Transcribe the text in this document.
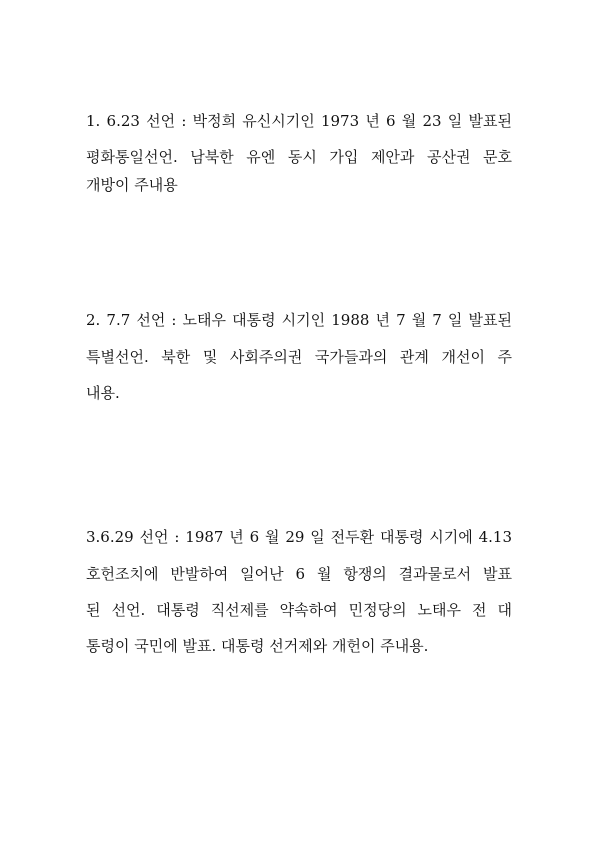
1. 6.23 선언 : 박정희 유신시기인 1973 년 6 월 23 일 발표된
평화통일선언. 남북한 유엔 동시 가입 제안과 공산권 문호
개방이 주내용
2. 7.7 선언 : 노태우 대통령 시기인 1988 년 7 월 7 일 발표된
특별선언. 북한 및 사회주의권 국가들과의 관계 개선이 주
내용.
3.6.29 선언 : 1987 년 6 월 29 일 전두환 대통령 시기에 4.13
호헌조치에 반발하여 일어난 6 월 항쟁의 결과물로서 발표
된 선언. 대통령 직선제를 약속하여 민정당의 노태우 전 대
통령이 국민에 발표. 대통령 선거제와 개헌이 주내용.
